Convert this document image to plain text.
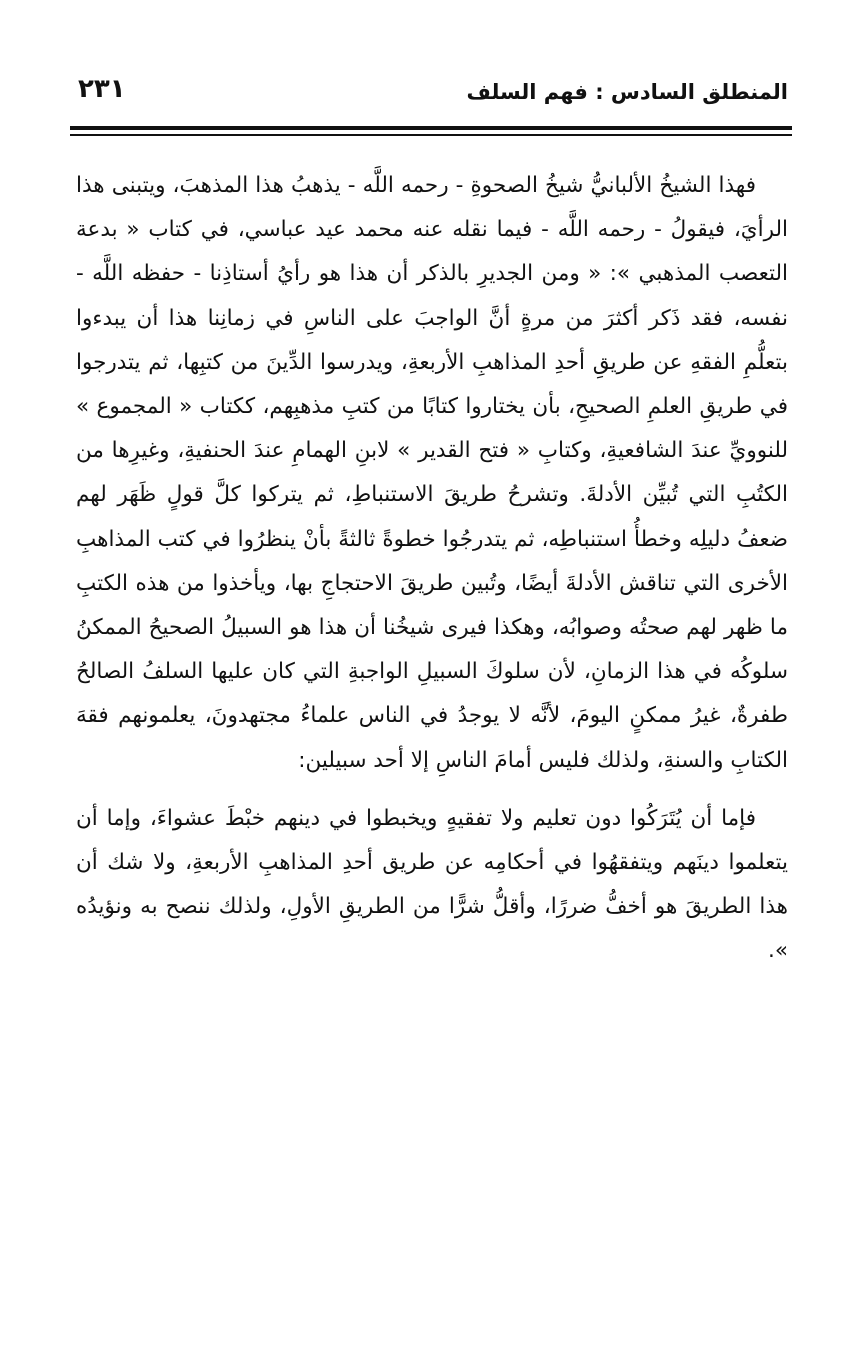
٢٣١	المنطلق السادس : فهم السلف

فهذا الشيخُ الألبانيُّ شيخُ الصحوةِ - رحمه اللَّه - يذهبُ هذا المذهبَ، ويتبنى هذا الرأيَ، فيقولُ - رحمه اللَّه - فيما نقله عنه محمد عيد عباسي، في كتاب « بدعة التعصب المذهبي »: « ومن الجديرِ بالذكر أن هذا هو رأيُ أستاذِنا - حفظه اللَّه - نفسه، فقد ذَكر أكثرَ من مرةٍ أنَّ الواجبَ على الناسِ في زمانِنا هذا أن يبدءوا بتعلُّمِ الفقهِ عن طريقِ أحدِ المذاهبِ الأربعةِ، ويدرسوا الدِّينَ من كتبِها، ثم يتدرجوا في طريقِ العلمِ الصحيحِ، بأن يختاروا كتابًا من كتبِ مذهبِهم، ككتاب « المجموع » للنوويِّ عندَ الشافعيةِ، وكتابِ « فتح القدير » لابنِ الهمامِ عندَ الحنفيةِ، وغيرِها من الكتُبِ التي تُبيِّن الأدلةَ. وتشرحُ طريقَ الاستنباطِ، ثم يتركوا كلَّ قولٍ ظَهَر لهم ضعفُ دليلِه وخطأُ استنباطِه، ثم يتدرجُوا خطوةً ثالثةً بأنْ ينظرُوا في كتب المذاهبِ الأخرى التي تناقش الأدلةَ أيضًا، وتُبين طريقَ الاحتجاجِ بها، ويأخذوا من هذه الكتبِ ما ظهر لهم صحتُه وصوابُه، وهكذا فيرى شيخُنا أن هذا هو السبيلُ الصحيحُ الممكنُ سلوكُه في هذا الزمانِ، لأن سلوكَ السبيلِ الواجبةِ التي كان عليها السلفُ الصالحُ طفرةٌ، غيرُ ممكنٍ اليومَ، لأنَّه لا يوجدُ في الناس علماءُ مجتهدونَ، يعلمونهم فقهَ الكتابِ والسنةِ، ولذلك فليس أمامَ الناسِ إلا أحد سبيلين:

فإما أن يُتَرَكُوا دون تعليم ولا تفقيهٍ ويخبطوا في دينهم خبْطَ عشواءَ، وإما أن يتعلموا دينَهم ويتفقهُوا في أحكامِه عن طريق أحدِ المذاهبِ الأربعةِ، ولا شك أن هذا الطريقَ هو أخفُّ ضررًا، وأقلُّ شرًّا من الطريقِ الأولِ، ولذلك ننصح به ونؤيدُه ».
